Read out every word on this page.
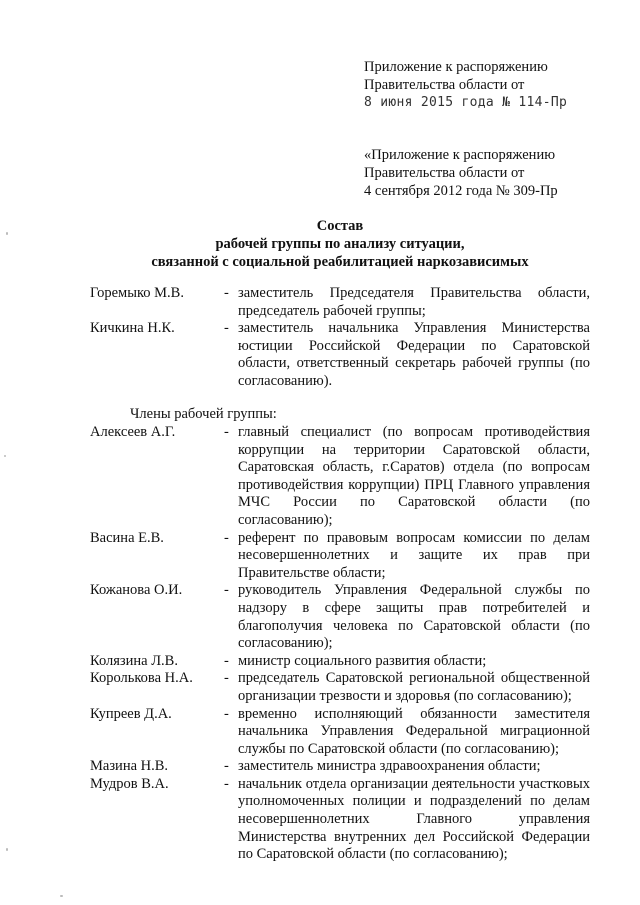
Приложение к распоряжению
Правительства области от
8 июня 2015 года № 114-Пр
«Приложение к распоряжению
Правительства области от
4 сентября 2012 года № 309-Пр
Состав
рабочей группы по анализу ситуации,
связанной с социальной реабилитацией наркозависимых
Горемыко М.В.	- заместитель Председателя Правительства области, председатель рабочей группы;
Кичкина Н.К.	- заместитель начальника Управления Министерства юстиции Российской Федерации по Саратовской области, ответственный секретарь рабочей группы (по согласованию).
Члены рабочей группы:
Алексеев А.Г.	- главный специалист (по вопросам противодействия коррупции на территории Саратовской области, Саратовская область, г.Саратов) отдела (по вопросам противодействия коррупции) ПРЦ Главного управления МЧС России по Саратовской области (по согласованию);
Васина Е.В.	- референт по правовым вопросам комиссии по делам несовершеннолетних и защите их прав при Правительстве области;
Кожанова О.И.	- руководитель Управления Федеральной службы по надзору в сфере защиты прав потребителей и благополучия человека по Саратовской области (по согласованию);
Колязина Л.В.	- министр социального развития области;
Королькова Н.А.	- председатель Саратовской региональной общественной организации трезвости и здоровья (по согласованию);
Купреев Д.А.	- временно исполняющий обязанности заместителя начальника Управления Федеральной миграционной службы по Саратовской области (по согласованию);
Мазина Н.В.	- заместитель министра здравоохранения области;
Мудров В.А.	- начальник отдела организации деятельности участковых уполномоченных полиции и подразделений по делам несовершеннолетних Главного управления Министерства внутренних дел Российской Федерации по Саратовской области (по согласованию);
